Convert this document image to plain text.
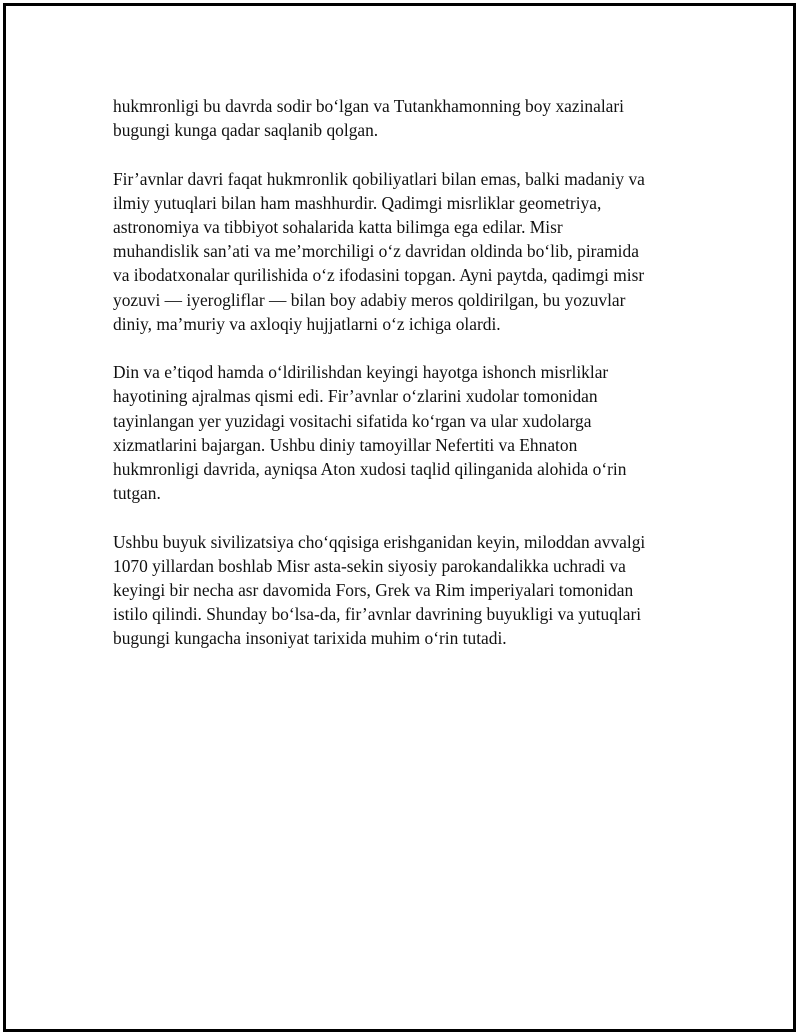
hukmronligi bu davrda sodir bo‘lgan va Tutankhamonning boy xazinalari
bugungi kunga qadar saqlanib qolgan.

Fir’avnlar davri faqat hukmronlik qobiliyatlari bilan emas, balki madaniy va
ilmiy yutuqlari bilan ham mashhurdir. Qadimgi misrliklar geometriya,
astronomiya va tibbiyot sohalarida katta bilimga ega edilar. Misr
muhandislik san’ati va me’morchiligi o‘z davridan oldinda bo‘lib, piramida
va ibodatxonalar qurilishida o‘z ifodasini topgan. Ayni paytda, qadimgi misr
yozuvi — iyerogliflar — bilan boy adabiy meros qoldirilgan, bu yozuvlar
diniy, ma’muriy va axloqiy hujjatlarni o‘z ichiga olardi.

Din va e’tiqod hamda o‘ldirilishdan keyingi hayotga ishonch misrliklar
hayotining ajralmas qismi edi. Fir’avnlar o‘zlarini xudolar tomonidan
tayinlangan yer yuzidagi vositachi sifatida ko‘rgan va ular xudolarga
xizmatlarini bajargan. Ushbu diniy tamoyillar Nefertiti va Ehnaton
hukmronligi davrida, ayniqsa Aton xudosi taqlid qilinganida alohida o‘rin
tutgan.

Ushbu buyuk sivilizatsiya cho‘qqisiga erishganidan keyin, miloddan avvalgi
1070 yillardan boshlab Misr asta-sekin siyosiy parokandalikka uchradi va
keyingi bir necha asr davomida Fors, Grek va Rim imperiyalari tomonidan
istilo qilindi. Shunday bo‘lsa-da, fir’avnlar davrining buyukligi va yutuqlari
bugungi kungacha insoniyat tarixida muhim o‘rin tutadi.
